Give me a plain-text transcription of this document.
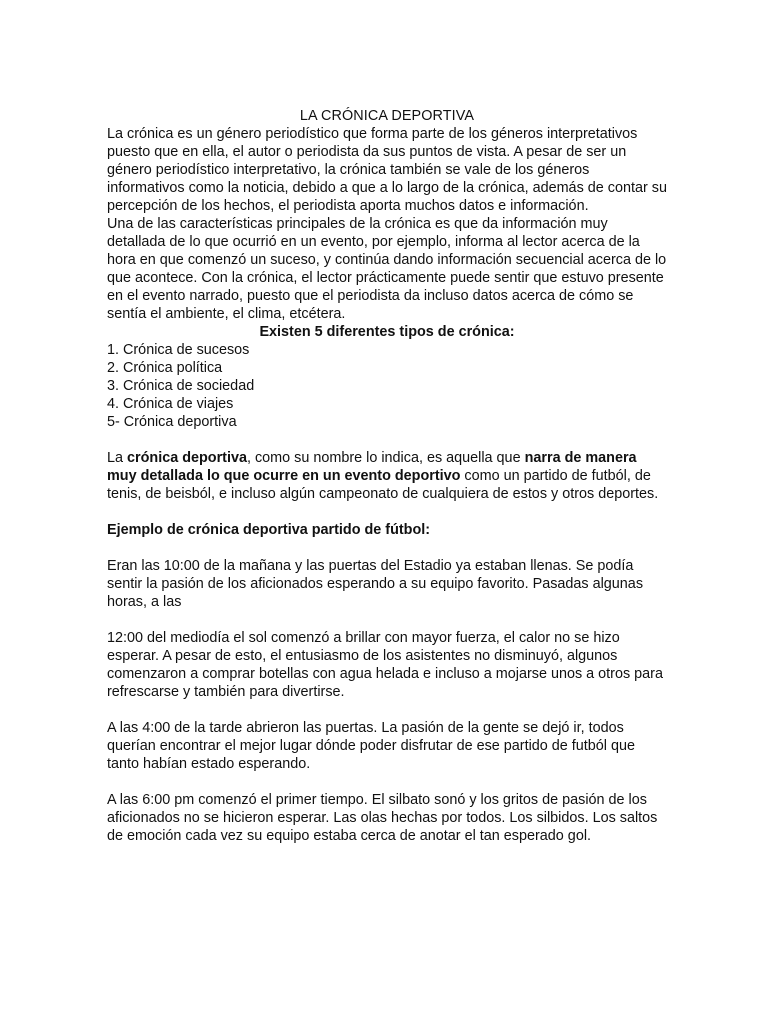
LA CRÓNICA DEPORTIVA

La crónica es un género periodístico que forma parte de los géneros interpretativos puesto que en ella, el autor o periodista da sus puntos de vista. A pesar de ser un género periodístico interpretativo, la crónica también se vale de los géneros informativos como la noticia, debido a que a lo largo de la crónica, además de contar su percepción de los hechos, el periodista aporta muchos datos e información.

Una de las características principales de la crónica es que da información muy detallada de lo que ocurrió en un evento, por ejemplo, informa al lector acerca de la hora en que comenzó un suceso, y continúa dando información secuencial acerca de lo que acontece. Con la crónica, el lector prácticamente puede sentir que estuvo presente en el evento narrado, puesto que el periodista da incluso datos acerca de cómo se sentía el ambiente, el clima, etcétera.

Existen 5 diferentes tipos de crónica:

1. Crónica de sucesos

2. Crónica política

3. Crónica de sociedad

4. Crónica de viajes

5- Crónica deportiva

La crónica deportiva, como su nombre lo indica, es aquella que narra de manera muy detallada lo que ocurre en un evento deportivo como un partido de futból, de tenis, de beisból, e incluso algún campeonato de cualquiera de estos y otros deportes.

Ejemplo de crónica deportiva partido de fútbol:

Eran las 10:00 de la mañana y las puertas del Estadio ya estaban llenas. Se podía sentir la pasión de los aficionados esperando a su equipo favorito. Pasadas algunas horas, a las

12:00 del mediodía el sol comenzó a brillar con mayor fuerza, el calor no se hizo esperar. A pesar de esto, el entusiasmo de los asistentes no disminuyó, algunos comenzaron a comprar botellas con agua helada e incluso a mojarse unos a otros para refrescarse y también para divertirse.

A las 4:00 de la tarde abrieron las puertas. La pasión de la gente se dejó ir, todos querían encontrar el mejor lugar dónde poder disfrutar de ese partido de futból que tanto habían estado esperando.

A las 6:00 pm comenzó el primer tiempo. El silbato sonó y los gritos de pasión de los aficionados no se hicieron esperar. Las olas hechas por todos. Los silbidos. Los saltos de emoción cada vez su equipo estaba cerca de anotar el tan esperado gol.
